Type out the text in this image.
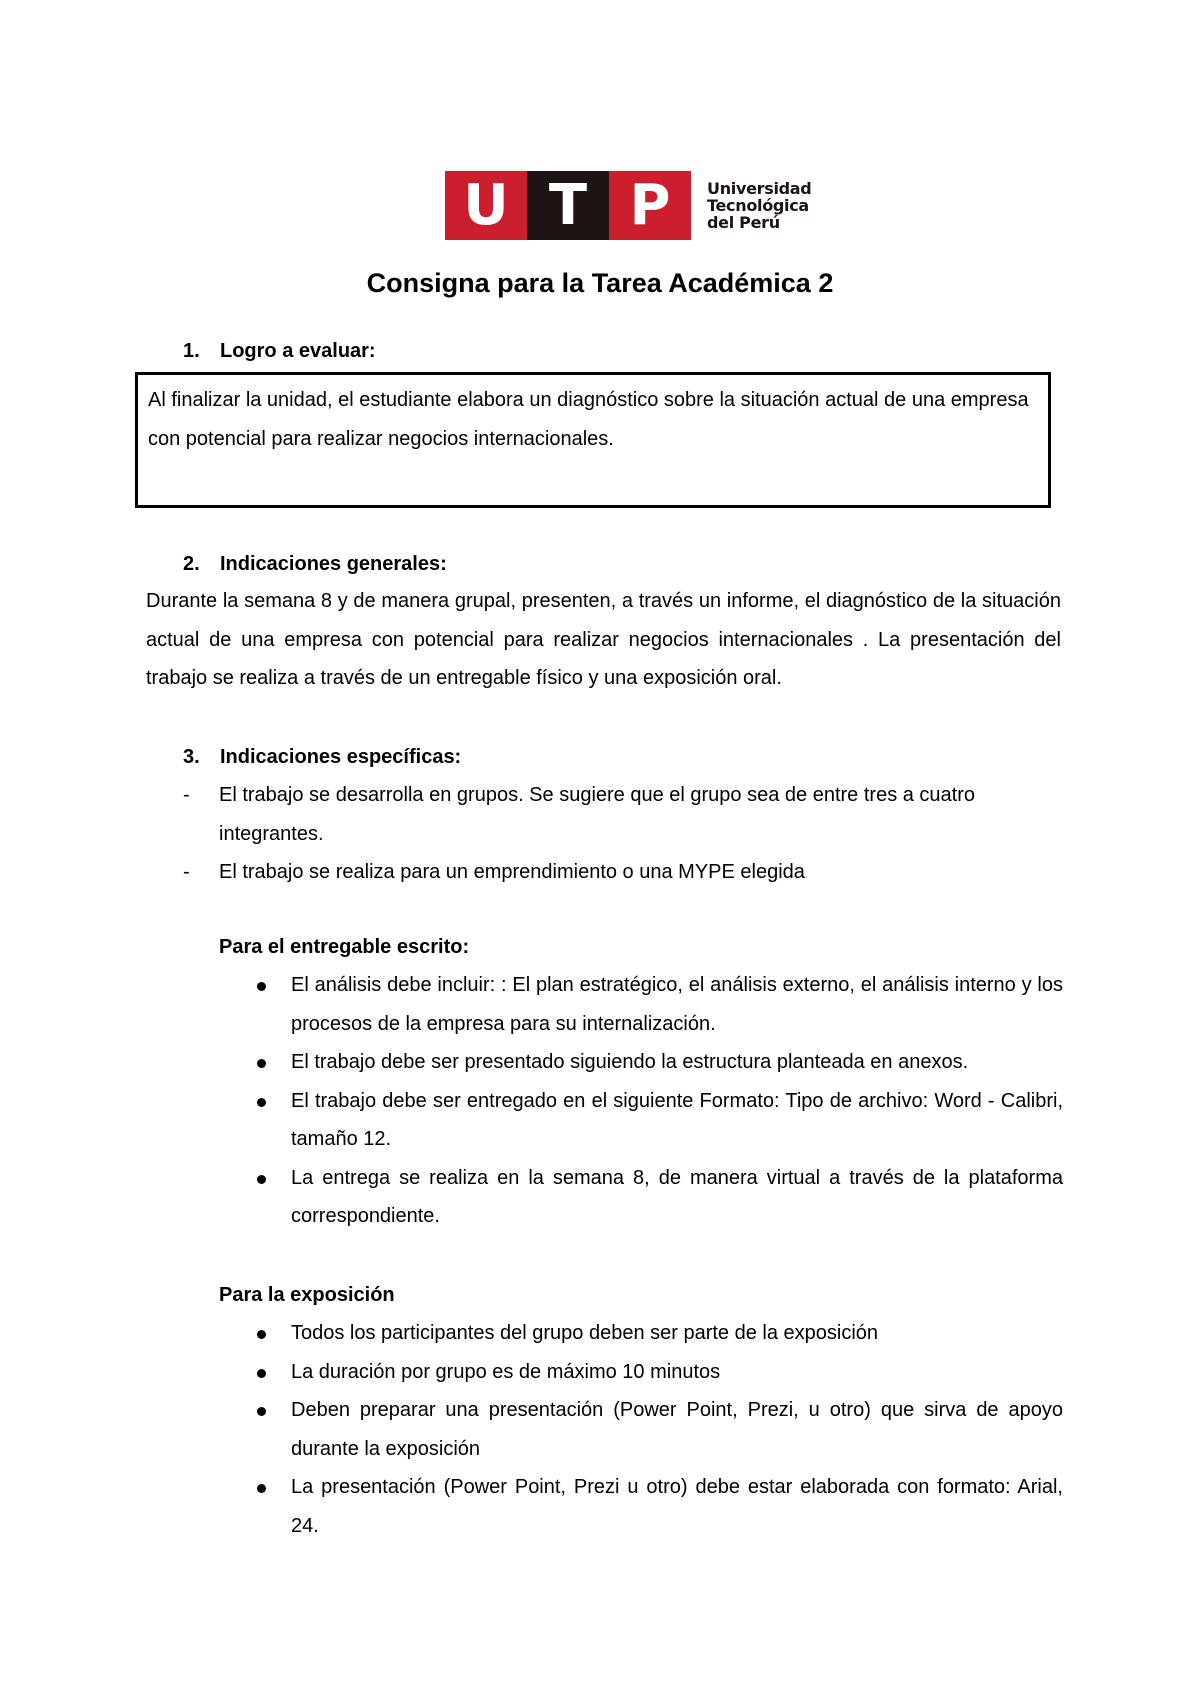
U T P	Universidad
Tecnológica
del Perú
Consigna para la Tarea Académica 2
1. Logro a evaluar:
Al finalizar la unidad, el estudiante elabora un diagnóstico sobre la situación actual de una empresa con potencial para realizar negocios internacionales.
2. Indicaciones generales:
Durante la semana 8 y de manera grupal, presenten, a través un informe, el diagnóstico de la situación actual de una empresa con potencial para realizar negocios internacionales . La presentación del trabajo se realiza a través de un entregable físico y una exposición oral.
3. Indicaciones específicas:
- El trabajo se desarrolla en grupos. Se sugiere que el grupo sea de entre tres a cuatro integrantes.
- El trabajo se realiza para un emprendimiento o una MYPE elegida
Para el entregable escrito:
El análisis debe incluir: : El plan estratégico, el análisis externo, el análisis interno y los procesos de la empresa para su internalización.
El trabajo debe ser presentado siguiendo la estructura planteada en anexos.
El trabajo debe ser entregado en el siguiente Formato: Tipo de archivo: Word - Calibri, tamaño 12.
La entrega se realiza en la semana 8, de manera virtual a través de la plataforma correspondiente.
Para la exposición
Todos los participantes del grupo deben ser parte de la exposición
La duración por grupo es de máximo 10 minutos
Deben preparar una presentación (Power Point, Prezi, u otro) que sirva de apoyo durante la exposición
La presentación (Power Point, Prezi u otro) debe estar elaborada con formato: Arial, 24.
